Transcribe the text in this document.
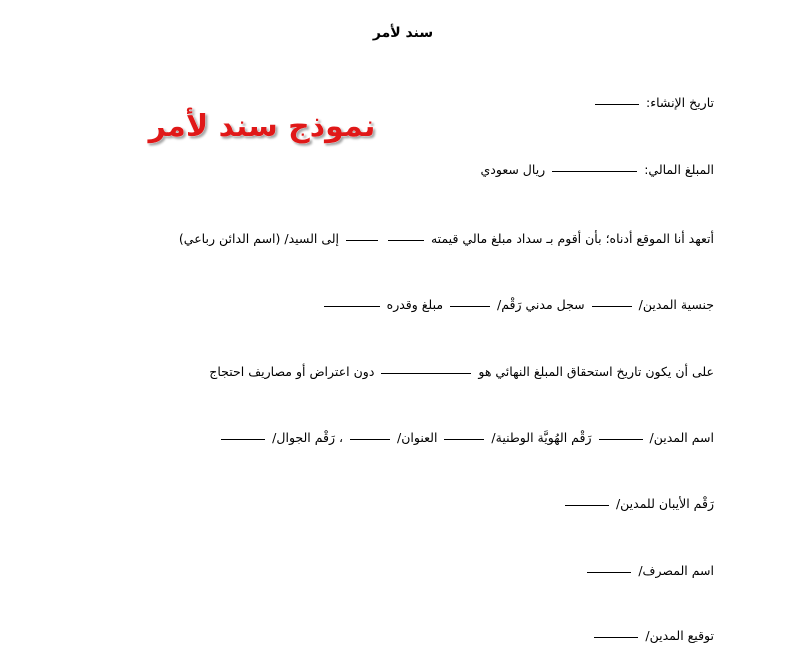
سند لأمر
نموذج سند لأمر
تاريخ الإنشاء:
المبلغ المالي:  ريال سعودي
أتعهد أنا الموقع أدناه؛ بأن أقوم بـ سداد مبلغ مالي قيمته   إلى السيد/ (اسم الدائن رباعي)
جنسية المدين/  سجل مدني رَقْم/  مبلغ وقدره
على أن يكون تاريخ استحقاق المبلغ النهائي هو  دون اعتراض أو مصاريف احتجاج
اسم المدين/  رَقْم الهُويَّة الوطنية/  العنوان/  ، رَقْم الجوال/
رَقْم الأيبان للمدين/
اسم المصرف/
توقيع المدين/
